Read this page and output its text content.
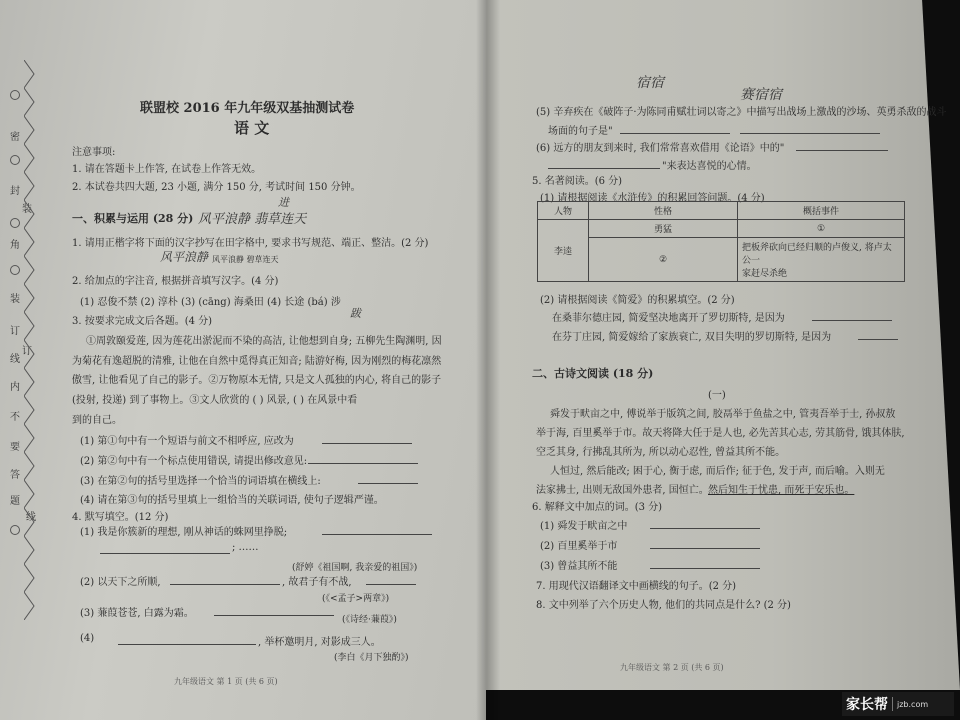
密
封
装
角
装
订
线
订
内
不
要
答
题
线
联盟校 2016 年九年级双基抽测试卷
语 文
注意事项:
1. 请在答题卡上作答, 在试卷上作答无效。
2. 本试卷共四大题, 23 小题, 满分 150 分, 考试时间 150 分钟。
进
一、积累与运用 (28 分) 风平浪静 翡草连天
1. 请用正楷字将下面的汉字抄写在田字格中, 要求书写规范、端正、整洁。(2 分)
风平浪静 风平浪静 碧草连天
2. 给加点的字注音, 根据拼音填写汉字。(4 分)
(1) 忍俊不禁 (2) 淳朴 (3) (cāng) 海桑田 (4) 长途 (bá) 涉
跋
3. 按要求完成文后各题。(4 分)
①周敦颐爱莲, 因为莲花出淤泥而不染的高洁, 让他想到自身; 五柳先生陶渊明, 因
为菊花有逸超脱的清雅, 让他在自然中觅得真正知音; 陆游好梅, 因为刚烈的梅花凛然
傲雪, 让他看见了自己的影子。②万物原本无情, 只是文人孤独的内心, 将自己的影子
(投射, 投递) 到了事物上。③文人欣赏的 ( ) 风景, ( ) 在风景中看
到的自己。
(1) 第①句中有一个短语与前文不相呼应, 应改为
(2) 第②句中有一个标点使用错误, 请提出修改意见:
(3) 在第②句的括号里选择一个恰当的词语填在横线上:
(4) 请在第③句的括号里填上一组恰当的关联词语, 使句子逻辑严谨。
4. 默写填空。(12 分)
(1) 我是你簇新的理想, 刚从神话的蛛网里挣脱;
; ……
(舒婷《祖国啊, 我亲爱的祖国》)
(2) 以天下之所顺,	, 故君子有不战,
(《<孟子>两章》)
(3) 蒹葭苍苍, 白露为霜。
(《诗经·蒹葭》)
(4)	, 举杯邀明月, 对影成三人。
(李白《月下独酌》)
九年级语文 第 1 页 (共 6 页)
宿宿
赛宿宿
(5) 辛弃疾在《破阵子·为陈同甫赋壮词以寄之》中描写出战场上激战的沙场、英勇杀敌的战斗
场面的句子是"
(6) 远方的朋友到来时, 我们常常喜欢借用《论语》中的"
"来表达喜悦的心情。
5. 名著阅读。(6 分)
(1) 请根据阅读《水浒传》的积累回答问题。(4 分)
人物	性格	概括事件
李逵	勇猛	①
	②	把板斧砍向已经归顺的卢俊义, 将卢太公一
家赶尽杀绝
(2) 请根据阅读《简爱》的积累填空。(2 分)
在桑菲尔德庄园, 简爱坚决地离开了罗切斯特, 是因为
在芬丁庄园, 简爱嫁给了家族衰亡, 双目失明的罗切斯特, 是因为
二、古诗文阅读 (18 分)
(一)
舜发于畎亩之中, 傅说举于版筑之间, 胶鬲举于鱼盐之中, 管夷吾举于士, 孙叔敖
举于海, 百里奚举于市。故天将降大任于是人也, 必先苦其心志, 劳其筋骨, 饿其体肤,
空乏其身, 行拂乱其所为, 所以动心忍性, 曾益其所不能。
人恒过, 然后能改; 困于心, 衡于虑, 而后作; 征于色, 发于声, 而后喻。入则无
法家拂士, 出则无敌国外患者, 国恒亡。 然后知生于忧患, 而死于安乐也。
6. 解释文中加点的词。(3 分)
(1) 舜发于畎亩之中
(2) 百里奚举于市
(3) 曾益其所不能
7. 用现代汉语翻译文中画横线的句子。(2 分)
8. 文中列举了六个历史人物, 他们的共同点是什么? (2 分)
九年级语文 第 2 页 (共 6 页)
家长帮 jzb.com
